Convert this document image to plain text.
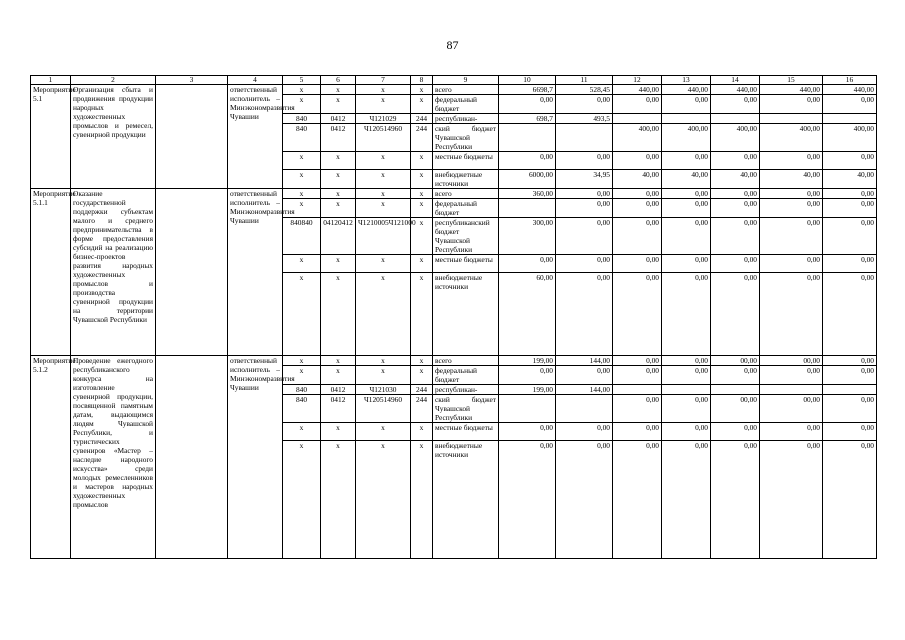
87
1	2	3	4	5	6	7	8	9	10	11	12	13	14	15	16
Мероприятие 5.1	Организация сбыта и продвижения продукции народных художественных промыслов и ремесел, сувенирной продукции		ответственный исполнитель – Минэкономразвития Чувашии	x	x	x	x	всего	6698,7	528,45	440,00	440,00	440,00	440,00	440,00
				x	x	x	x	федеральный бюджет	0,00	0,00	0,00	0,00	0,00	0,00	0,00
				840	0412	Ч121029	244	республикан-	698,7	493,5					
				840	0412	Ч120514960	244	ский бюджет Чувашской Республики			400,00	400,00	400,00	400,00	400,00
				x	x	x	x	местные бюджеты	0,00	0,00	0,00	0,00	0,00	0,00	0,00
				x	x	x	x	внебюджетные источники	6000,00	34,95	40,00	40,00	40,00	40,00	40,00
Мероприятие 5.1.1	Оказание государственной поддержки субъектам малого и среднего предпринимательства в форме предоставления субсидий на реализацию бизнес-проектов развития народных художественных промыслов и производства сувенирной продукции на территории Чувашской Республики		ответственный исполнитель – Минэкономразвития Чувашии	x	x	x	x	всего	360,00	0,00	0,00	0,00	0,00	0,00	0,00
				x	x	x	x	федеральный бюджет		0,00	0,00	0,00	0,00	0,00	0,00
				840840	04120412	Ч1210005Ч121000	x	республиканский бюджет Чувашской Республики	300,00	0,00	0,00	0,00	0,00	0,00	0,00
				x	x	x	x	местные бюджеты	0,00	0,00	0,00	0,00	0,00	0,00	0,00
				x	x	x	x	внебюджетные источники	60,00	0,00	0,00	0,00	0,00	0,00	0,00
Мероприятие 5.1.2	Проведение ежегодного республиканского конкурса на изготовление сувенирной продукции, посвященной памятным датам, выдающимся людям Чувашской Республики, и туристических сувениров «Мастер – наследие народного искусства» среди молодых ремесленников и мастеров народных художественных промыслов		ответственный исполнитель – Минэкономразвития Чувашии	x	x	x	x	всего	199,00	144,00	0,00	0,00	00,00	00,00	0,00
				x	x	x	x	федеральный бюджет	0,00	0,00	0,00	0,00	0,00	0,00	0,00
				840	0412	Ч121030	244	республикан-	199,00	144,00					
				840	0412	Ч120514960	244	ский бюджет Чувашской Республики			0,00	0,00	00,00	00,00	0,00
				x	x	x	x	местные бюджеты	0,00	0,00	0,00	0,00	0,00	0,00	0,00
				x	x	x	x	внебюджетные источники	0,00	0,00	0,00	0,00	0,00	0,00	0,00
